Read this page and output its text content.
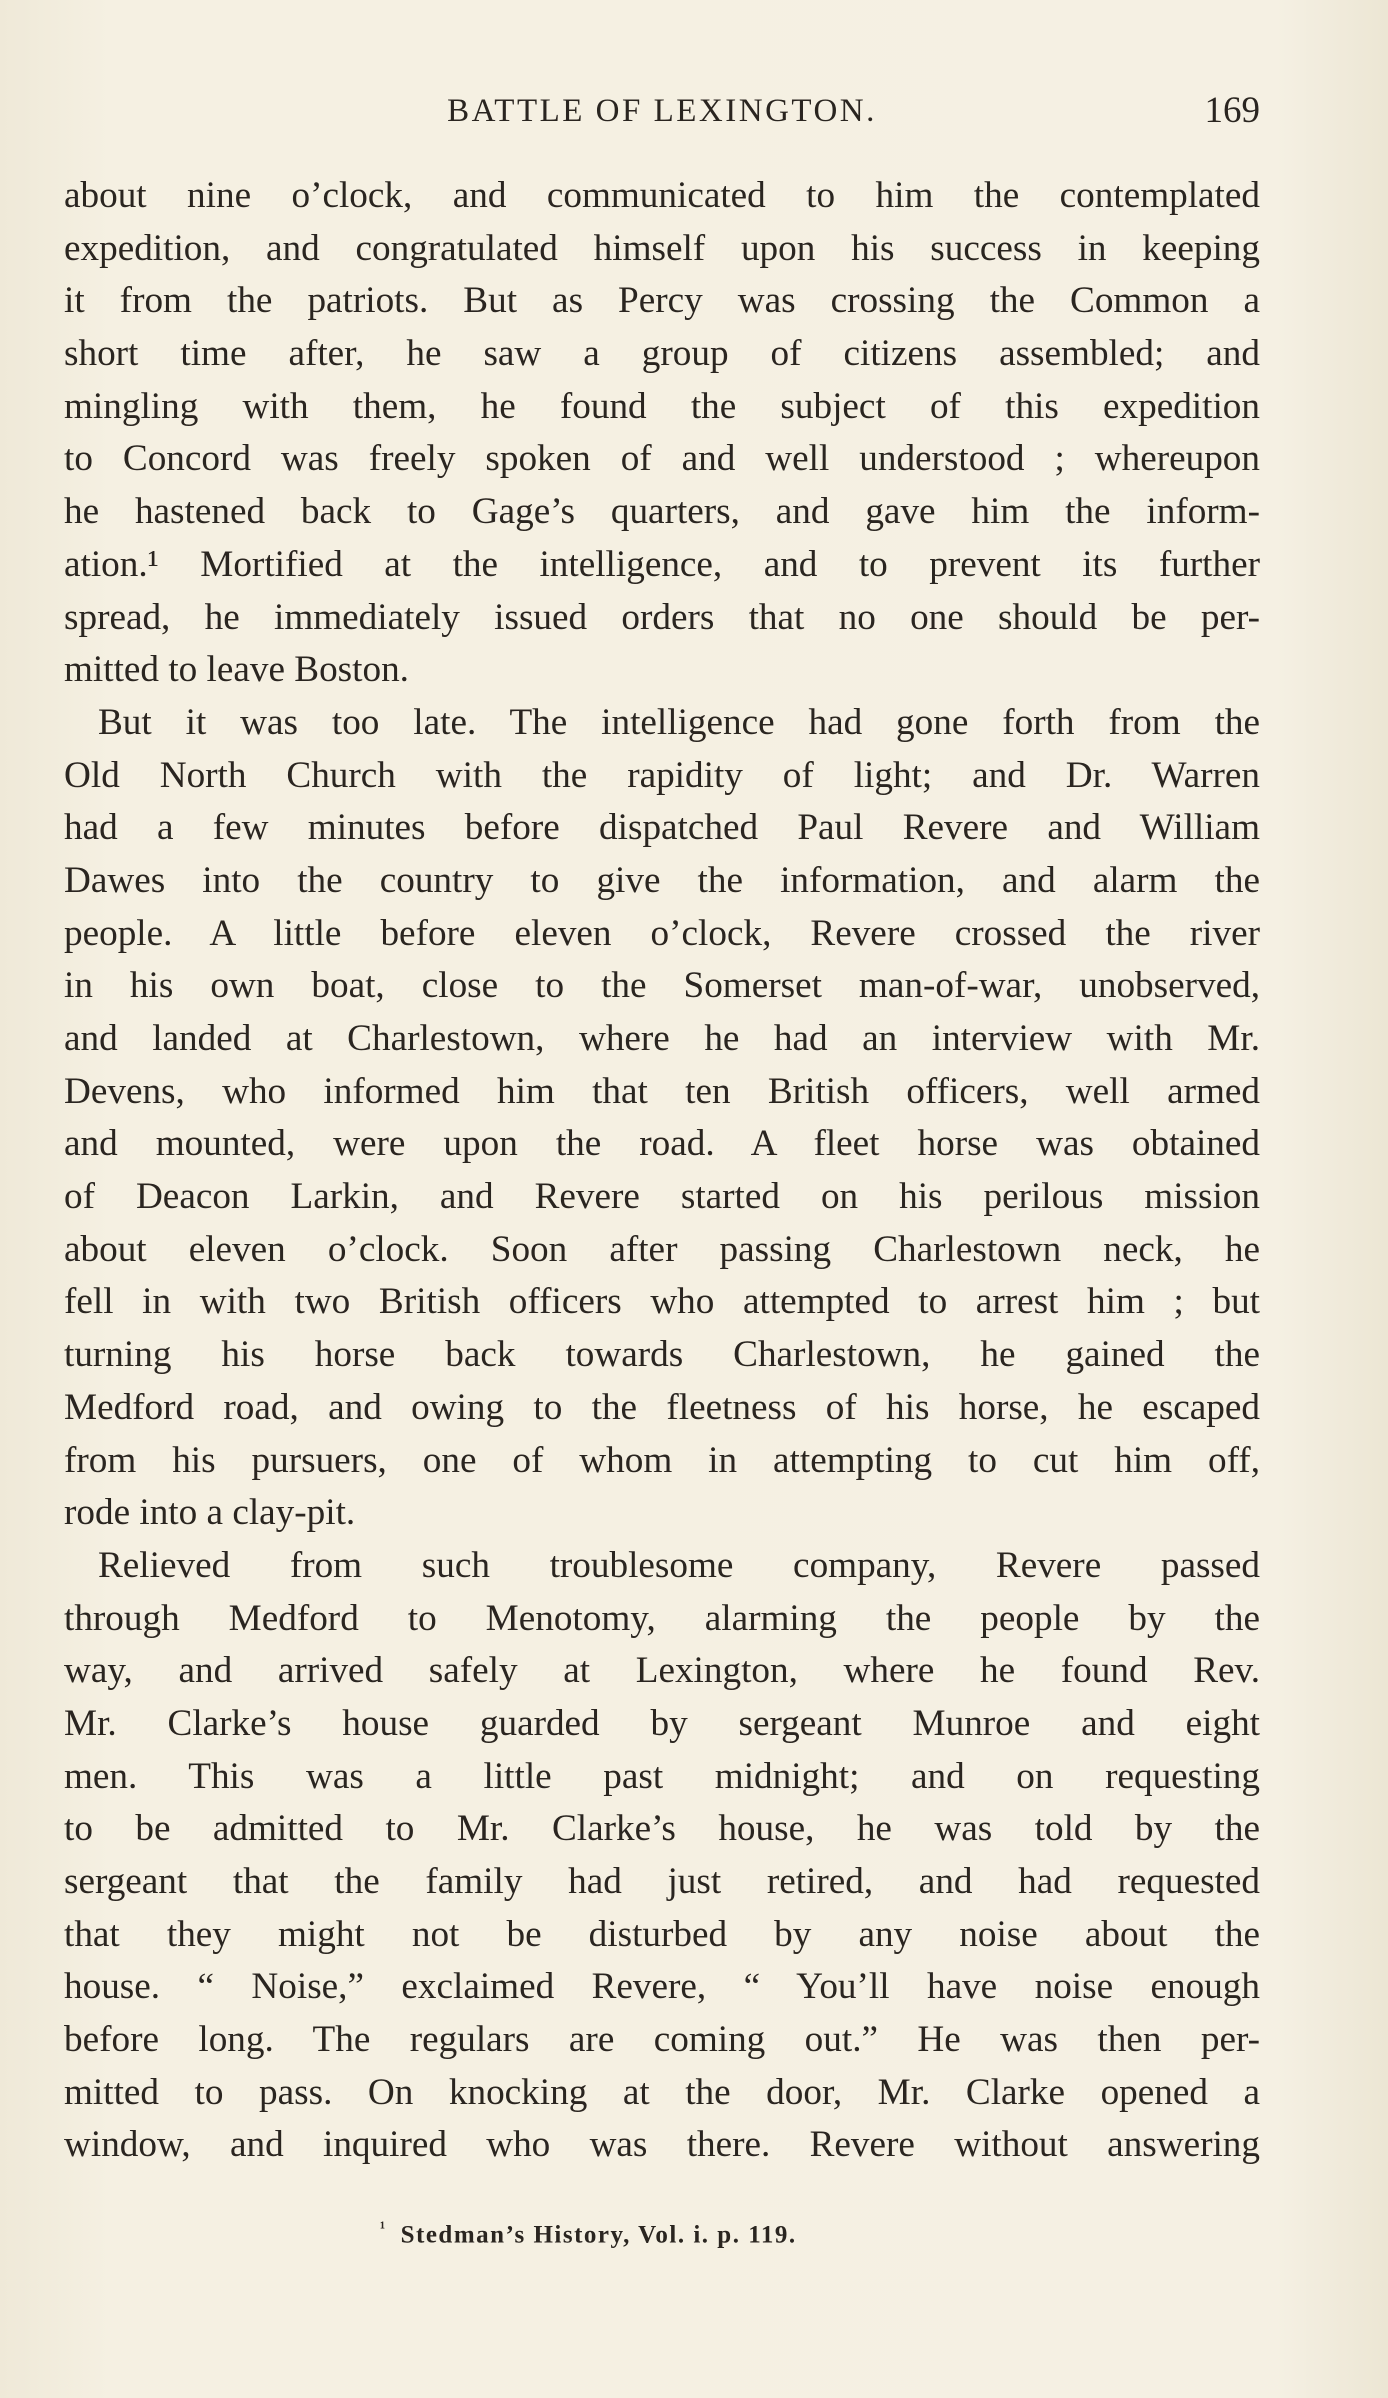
BATTLE OF LEXINGTON.	169
about nine o’clock, and communicated to him the contemplated
expedition, and congratulated himself upon his success in keeping
it from the patriots. But as Percy was crossing the Common a
short time after, he saw a group of citizens assembled; and
mingling with them, he found the subject of this expedition
to Concord was freely spoken of and well understood ; whereupon
he hastened back to Gage’s quarters, and gave him the inform-
ation.¹ Mortified at the intelligence, and to prevent its further
spread, he immediately issued orders that no one should be per-
mitted to leave Boston.
But it was too late. The intelligence had gone forth from the
Old North Church with the rapidity of light; and Dr. Warren
had a few minutes before dispatched Paul Revere and William
Dawes into the country to give the information, and alarm the
people. A little before eleven o’clock, Revere crossed the river
in his own boat, close to the Somerset man-of-war, unobserved,
and landed at Charlestown, where he had an interview with Mr.
Devens, who informed him that ten British officers, well armed
and mounted, were upon the road. A fleet horse was obtained
of Deacon Larkin, and Revere started on his perilous mission
about eleven o’clock. Soon after passing Charlestown neck, he
fell in with two British officers who attempted to arrest him ; but
turning his horse back towards Charlestown, he gained the
Medford road, and owing to the fleetness of his horse, he escaped
from his pursuers, one of whom in attempting to cut him off,
rode into a clay-pit.
Relieved from such troublesome company, Revere passed
through Medford to Menotomy, alarming the people by the
way, and arrived safely at Lexington, where he found Rev.
Mr. Clarke’s house guarded by sergeant Munroe and eight
men. This was a little past midnight; and on requesting
to be admitted to Mr. Clarke’s house, he was told by the
sergeant that the family had just retired, and had requested
that they might not be disturbed by any noise about the
house. “ Noise,” exclaimed Revere, “ You’ll have noise enough
before long. The regulars are coming out.” He was then per-
mitted to pass. On knocking at the door, Mr. Clarke opened a
window, and inquired who was there. Revere without answering
$^{^1}$ Stedman’s History, Vol. i. p. 119.
